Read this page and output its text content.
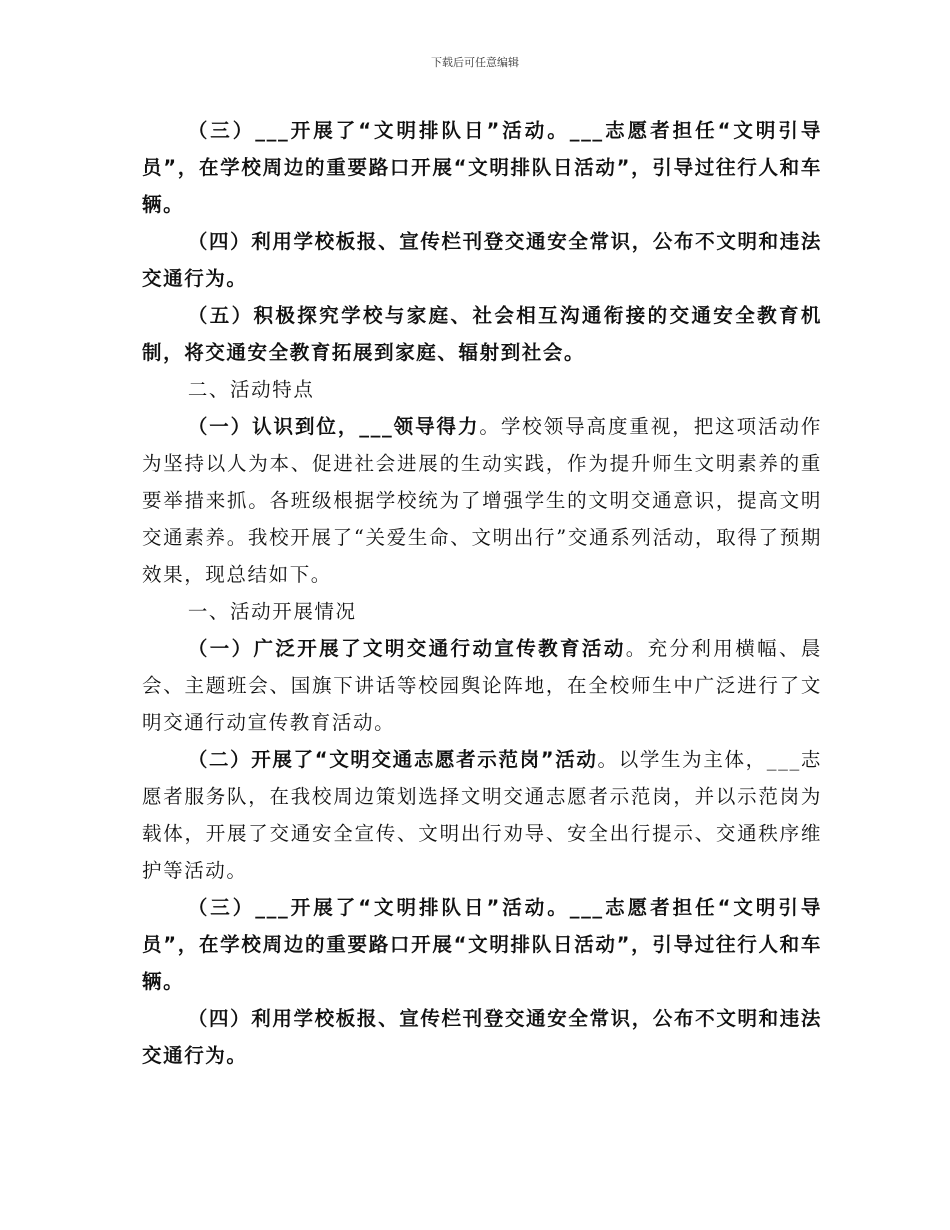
下载后可任意编辑

（三）___开展了“文明排队日”活动。___志愿者担任“文明引导员”，在学校周边的重要路口开展“文明排队日活动”，引导过往行人和车辆。

（四）利用学校板报、宣传栏刊登交通安全常识，公布不文明和违法交通行为。

（五）积极探究学校与家庭、社会相互沟通衔接的交通安全教育机制，将交通安全教育拓展到家庭、辐射到社会。

二、活动特点

（一）认识到位，___领导得力。学校领导高度重视，把这项活动作为坚持以人为本、促进社会进展的生动实践，作为提升师生文明素养的重要举措来抓。各班级根据学校统为了增强学生的文明交通意识，提高文明交通素养。我校开展了“关爱生命、文明出行”交通系列活动，取得了预期效果，现总结如下。

一、活动开展情况

（一）广泛开展了文明交通行动宣传教育活动。充分利用横幅、晨会、主题班会、国旗下讲话等校园舆论阵地，在全校师生中广泛进行了文明交通行动宣传教育活动。

（二）开展了“文明交通志愿者示范岗”活动。以学生为主体，___志愿者服务队，在我校周边策划选择文明交通志愿者示范岗，并以示范岗为载体，开展了交通安全宣传、文明出行劝导、安全出行提示、交通秩序维护等活动。

（三）___开展了“文明排队日”活动。___志愿者担任“文明引导员”，在学校周边的重要路口开展“文明排队日活动”，引导过往行人和车辆。

（四）利用学校板报、宣传栏刊登交通安全常识，公布不文明和违法交通行为。
